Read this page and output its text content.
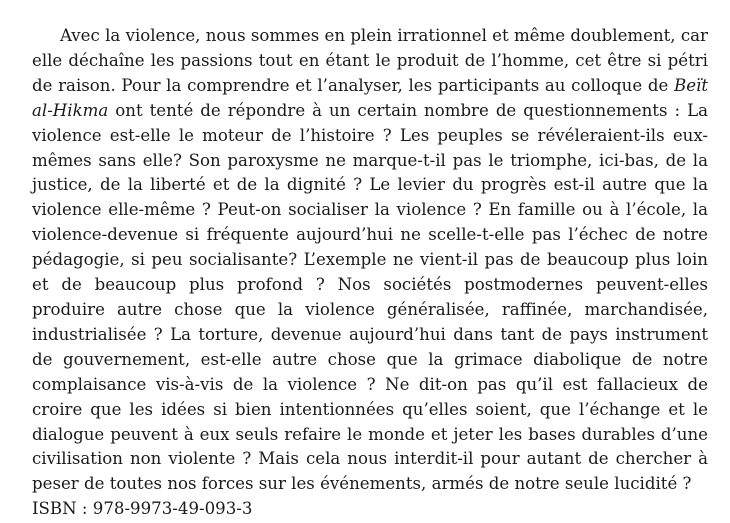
Avec la violence, nous sommes en plein irrationnel et même doublement, car elle déchaîne les passions tout en étant le produit de l’homme, cet être si pétri de raison. Pour la comprendre et l’analyser, les participants au colloque de Beït al-Hikma ont tenté de répondre à un certain nombre de questionnements : La violence est-elle le moteur de l’histoire ? Les peuples se révéleraient-ils eux-mêmes sans elle? Son paroxysme ne marque-t-il pas le triomphe, ici-bas, de la justice, de la liberté et de la dignité ? Le levier du progrès est-il autre que la violence elle-même ? Peut-on socialiser la violence ? En famille ou à l’école, la violence-devenue si fréquente aujourd’hui ne scelle-t-elle pas l’échec de notre pédagogie, si peu socialisante? L’exemple ne vient-il pas de beaucoup plus loin et de beaucoup plus profond ? Nos sociétés postmodernes peuvent-elles produire autre chose que la violence généralisée, raffinée, marchandisée, industrialisée ? La torture, devenue aujourd’hui dans tant de pays instrument de gouvernement, est-elle autre chose que la grimace diabolique de notre complaisance vis-à-vis de la violence ? Ne dit-on pas qu’il est fallacieux de croire que les idées si bien intentionnées qu’elles soient, que l’échange et le dialogue peuvent à eux seuls refaire le monde et jeter les bases durables d’une civilisation non violente ? Mais cela nous interdit-il pour autant de chercher à peser de toutes nos forces sur les événements, armés de notre seule lucidité ?

ISBN : 978-9973-49-093-3
